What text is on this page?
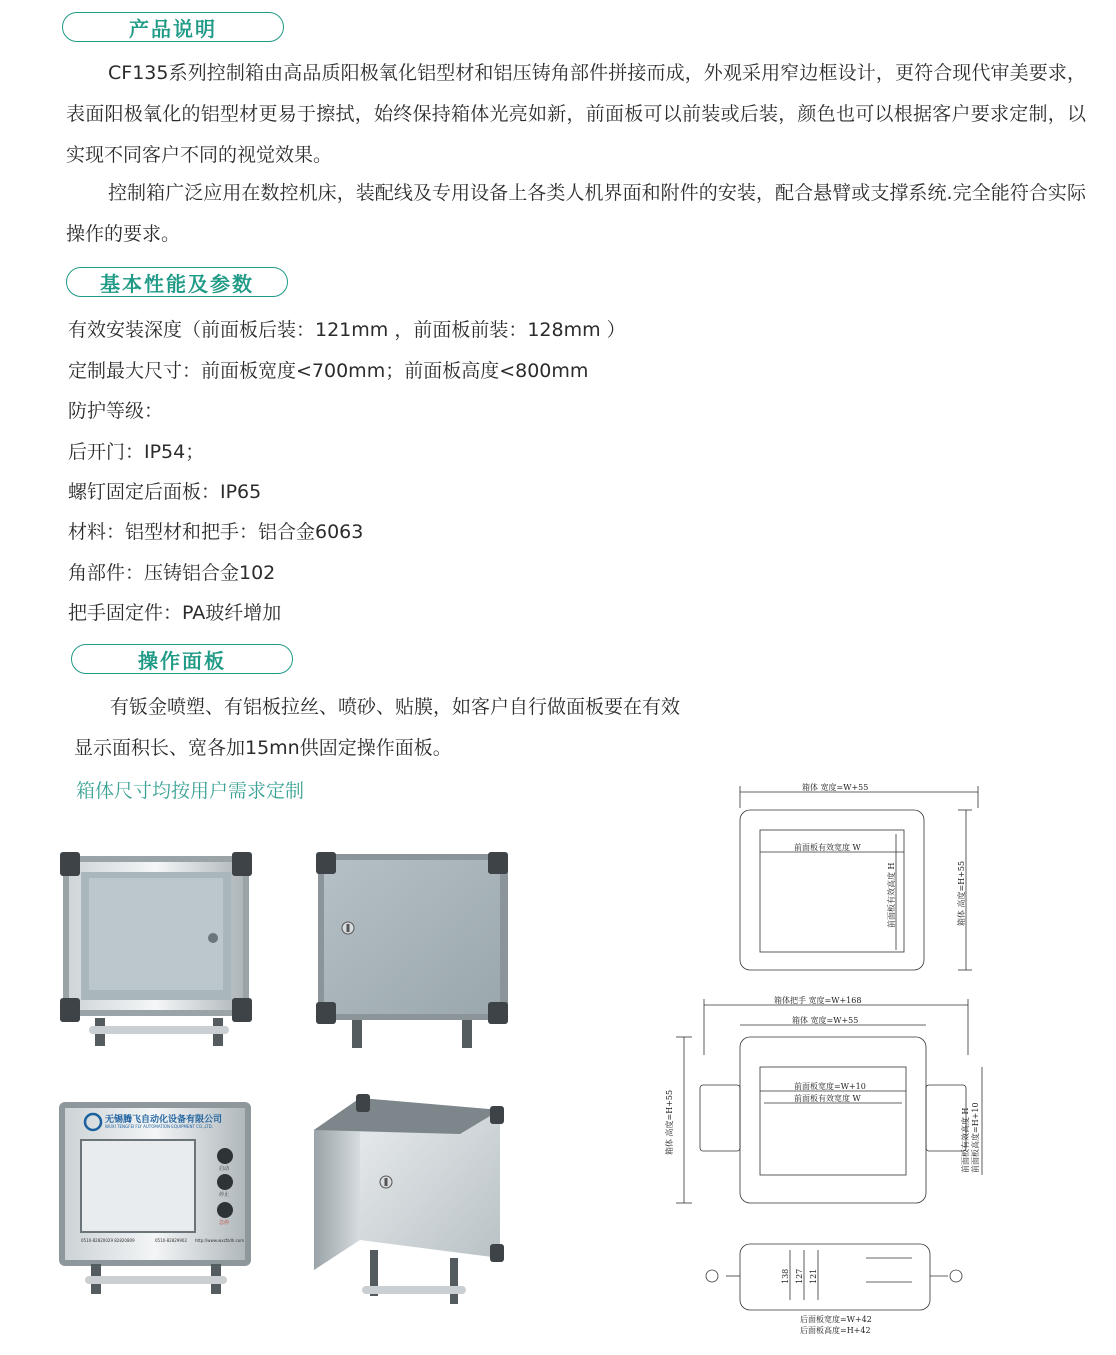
产品说明

CF135系列控制箱由高品质阳极氧化铝型材和铝压铸角部件拼接而成，外观采用窄边框设计，更符合现代审美要求，表面阳极氧化的铝型材更易于擦拭，始终保持箱体光亮如新，前面板可以前装或后装，颜色也可以根据客户要求定制，以实现不同客户不同的视觉效果。

控制箱广泛应用在数控机床，装配线及专用设备上各类人机界面和附件的安装，配合悬臂或支撑系统.完全能符合实际操作的要求。

基本性能及参数

有效安装深度（前面板后装：121mm ，前面板前装：128mm ）

定制最大尺寸：前面板宽度<700mm；前面板高度<800mm

防护等级：

后开门：IP54；

螺钉固定后面板：IP65

材料：铝型材和把手：铝合金6063

角部件：压铸铝合金102

把手固定件：PA玻纤增加

操作面板

有钣金喷塑、有铝板拉丝、喷砂、贴膜，如客户自行做面板要在有效

显示面积长、宽各加15mn供固定操作面板。

箱体尺寸均按用户需求定制

无锡腾飞自动化设备有限公司
WUXI TENGFEI FLY AUTOMATION EQUIPMENT CO.,LTD.
启动
停止
急停
0510-82820029 82820809	0510-82829902 http://www.wxzfzdh.com
箱体 宽度=W+55
前面板有效宽度 W
前面板有效高度 H	箱体 高度=H+55
箱体把手 宽度=W+168
箱体 宽度=W+55
前面板宽度=W+10
前面板有效宽度 W
箱体 高度=H+55	前面板有效高度 H 前面板高度=H+10
138 127 121
后面板宽度=W+42
后面板高度=H+42
